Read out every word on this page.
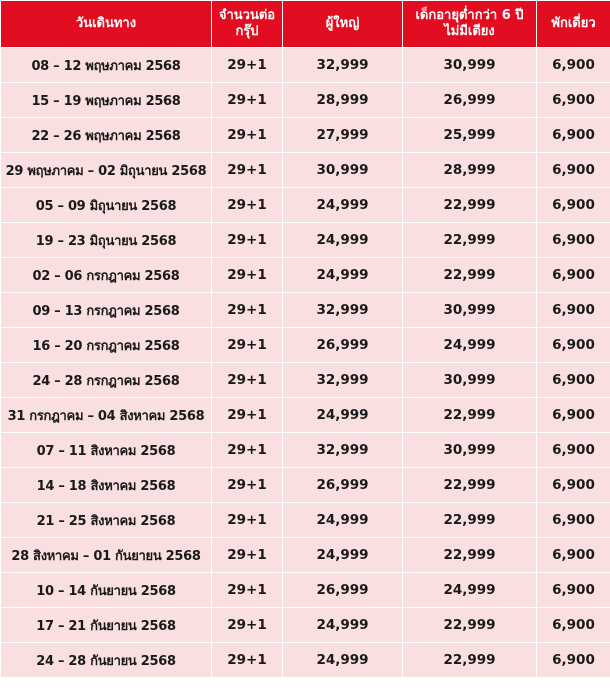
วันเดินทาง	จำนวนต่อ
กรุ๊ป	ผู้ใหญ่	เด็กอายุต่ำกว่า 6 ปี
ไม่มีเตียง	พักเดี่ยว
08 – 12 พฤษภาคม 2568	29+1	32,999	30,999	6,900
15 – 19 พฤษภาคม 2568	29+1	28,999	26,999	6,900
22 – 26 พฤษภาคม 2568	29+1	27,999	25,999	6,900
29 พฤษภาคม – 02 มิถุนายน 2568	29+1	30,999	28,999	6,900
05 – 09 มิถุนายน 2568	29+1	24,999	22,999	6,900
19 – 23 มิถุนายน 2568	29+1	24,999	22,999	6,900
02 – 06 กรกฎาคม 2568	29+1	24,999	22,999	6,900
09 – 13 กรกฎาคม 2568	29+1	32,999	30,999	6,900
16 – 20 กรกฎาคม 2568	29+1	26,999	24,999	6,900
24 – 28 กรกฎาคม 2568	29+1	32,999	30,999	6,900
31 กรกฎาคม – 04 สิงหาคม 2568	29+1	24,999	22,999	6,900
07 – 11 สิงหาคม 2568	29+1	32,999	30,999	6,900
14 – 18 สิงหาคม 2568	29+1	26,999	22,999	6,900
21 – 25 สิงหาคม 2568	29+1	24,999	22,999	6,900
28 สิงหาคม – 01 กันยายน 2568	29+1	24,999	22,999	6,900
10 – 14 กันยายน 2568	29+1	26,999	24,999	6,900
17 – 21 กันยายน 2568	29+1	24,999	22,999	6,900
24 – 28 กันยายน 2568	29+1	24,999	22,999	6,900
